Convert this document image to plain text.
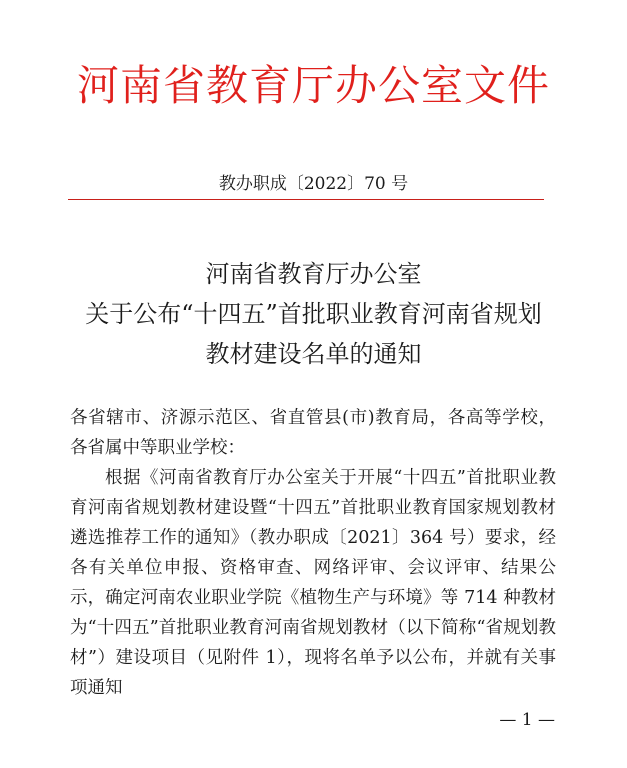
河南省教育厅办公室文件
教办职成〔2022〕70 号
河南省教育厅办公室
关于公布“十四五”首批职业教育河南省规划
教材建设名单的通知

各省辖市、济源示范区、省直管县(市)教育局，各高等学校，各省属中等职业学校：

根据《河南省教育厅办公室关于开展“十四五”首批职业教育河南省规划教材建设暨“十四五”首批职业教育国家规划教材遴选推荐工作的通知》（教办职成〔2021〕364 号）要求，经各有关单位申报、资格审查、网络评审、会议评审、结果公示，确定河南农业职业学院《植物生产与环境》等 714 种教材为“十四五”首批职业教育河南省规划教材（以下简称“省规划教材”）建设项目（见附件 1），现将名单予以公布，并就有关事项通知

— 1 —
